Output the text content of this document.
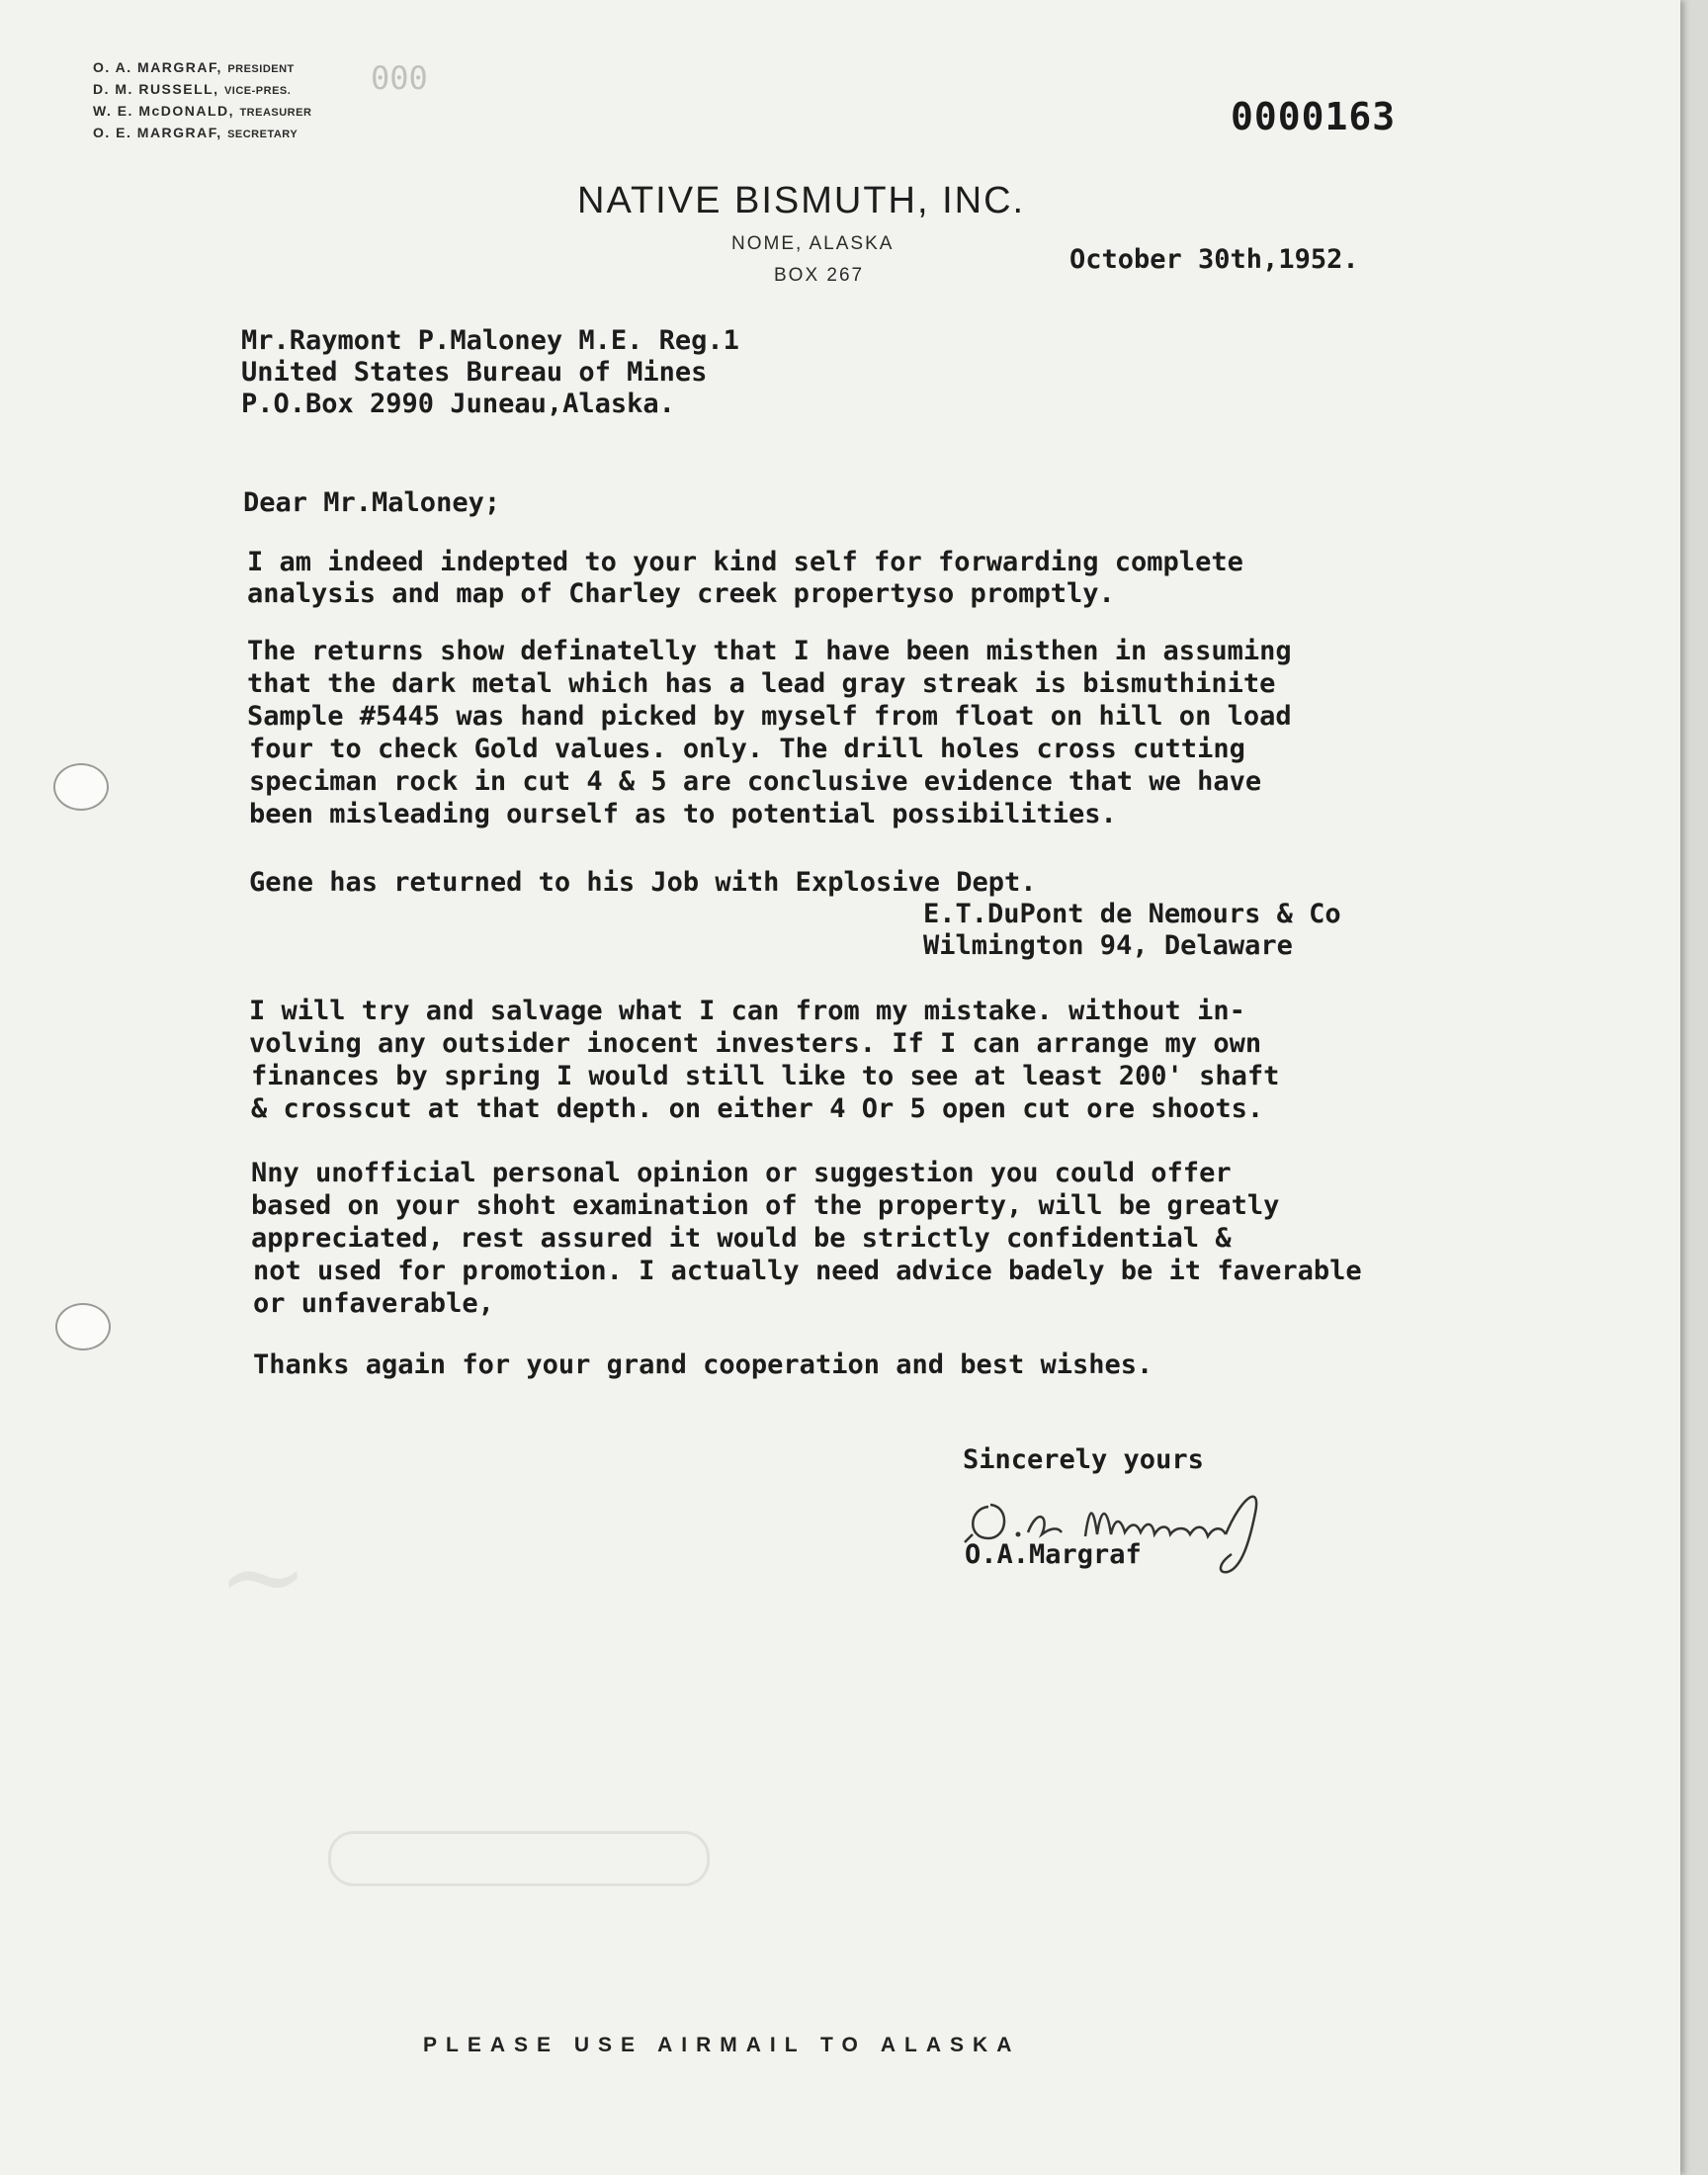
~
000
O. A. MARGRAF, PRESIDENT
D. M. RUSSELL, VICE-PRES.
W. E. McDONALD, TREASURER
O. E. MARGRAF, SECRETARY	0000163
NATIVE BISMUTH, INC.
NOME, ALASKA
BOX 267
October 30th,1952.
Mr.Raymont P.Maloney M.E. Reg.1
United States Bureau of Mines
P.O.Box 2990 Juneau,Alaska.
Dear Mr.Maloney;
I am indeed indepted to your kind self for forwarding complete
analysis and map of Charley creek propertyso promptly.
The returns show definatelly that I have been misthen in assuming
that the dark metal which has a lead gray streak is bismuthinite
Sample #5445 was hand picked by myself from float on hill on load
four to check Gold values. only. The drill holes cross cutting
speciman rock in cut 4 & 5 are conclusive evidence that we have
been misleading ourself as to potential possibilities.
Gene has returned to his Job with Explosive Dept.
E.T.DuPont de Nemours & Co
Wilmington 94, Delaware
I will try and salvage what I can from my mistake. without in-
volving any outsider inocent investers. If I can arrange my own
finances by spring I would still like to see at least 200' shaft
& crosscut at that depth. on either 4 Or 5 open cut ore shoots.
Nny unofficial personal opinion or suggestion you could offer
based on your shoht examination of the property, will be greatly
appreciated, rest assured it would be strictly confidential &
not used for promotion. I actually need advice badely be it faverable
or unfaverable,
Thanks again for your grand cooperation and best wishes.
Sincerely yours
O.A.Margraf
PLEASE USE AIRMAIL TO ALASKA
